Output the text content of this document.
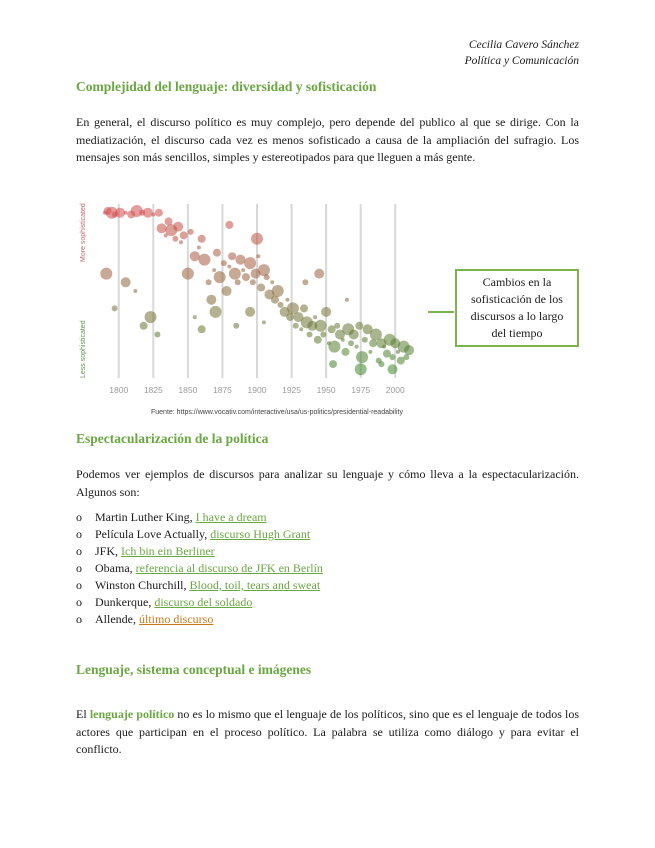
Cecilia Cavero Sánchez
Política y Comunicación
Complejidad del lenguaje: diversidad y sofisticación

En general, el discurso político es muy complejo, pero depende del publico al que se dirige. Con la mediatización, el discurso cada vez es menos sofisticado a causa de la ampliación del sufragio. Los mensajes son más sencillos, simples y estereotipados para que lleguen a más gente.

More sophisticated
Less sophisticated
1800 1825 1850 1875 1900 1925 1950 1975 2000
Fuente: https://www.vocativ.com/interactive/usa/us-politics/presidential-readability
Cambios en la sofisticación de los discursos a lo largo del tiempo
Espectacularización de la política

Podemos ver ejemplos de discursos para analizar su lenguaje y cómo lleva a la espectacularización. Algunos son:

o	Martin Luther King, I have a dream
o	Película Love Actually, discurso Hugh Grant
o	JFK, Ich bin ein Berliner
o	Obama, referencia al discurso de JFK en Berlín
o	Winston Churchill, Blood, toil, tears and sweat
o	Dunkerque, discurso del soldado
o	Allende, último discurso
Lenguaje, sistema conceptual e imágenes

El lenguaje político no es lo mismo que el lenguaje de los políticos, sino que es el lenguaje de todos los actores que participan en el proceso político. La palabra se utiliza como diálogo y para evitar el conflicto.
